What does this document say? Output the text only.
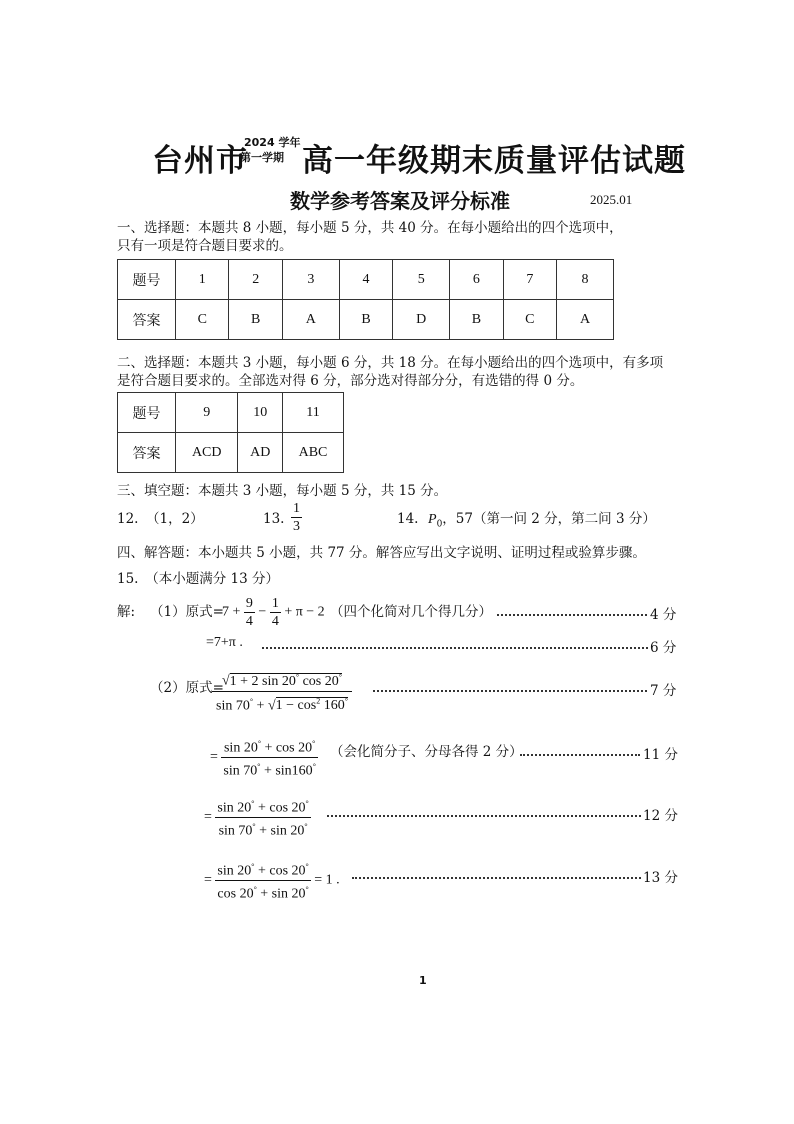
台州市
2024 学年
第一学期 高一年级期末质量评估试题
数学参考答案及评分标准	2025.01
一、选择题：本题共 8 小题，每小题 5 分，共 40 分。在每小题给出的四个选项中，
只有一项是符合题目要求的。
题号	1	2	3	4	5	6	7	8
答案	C	B	A	B	D	B	C	A
二、选择题：本题共 3 小题，每小题 6 分，共 18 分。在每小题给出的四个选项中，有多项
是符合题目要求的。全部选对得 6 分，部分选对得部分分，有选错的得 0 分。
题号	9	10	11
答案	ACD	AD	ABC
三、填空题：本题共 3 小题，每小题 5 分，共 15 分。
12. （1，2）	13. $\frac{1}{3}$	14. $P_0$，57（第一问 2 分，第二问 3 分）
四、解答题：本小题共 5 小题，共 77 分。解答应写出文字说明、证明过程或验算步骤。
15.　（本小题满分 13 分）
解: （1）原式=
$7 + \frac{9}{4} - \frac{1}{4} + \pi - 2$ （四个化简对几个得几分）	4 分
=7+π .	6 分
（2）原式=
$\frac{√1 + 2 \sin 20^\circ \cos 20^\circ}{\sin 70^\circ + √1 - \cos^2 160^\circ}$	7 分
= $\frac{\sin 20^\circ + \cos 20^\circ}{\sin 70^\circ + \sin 160^\circ}$ （会化简分子、分母各得 2 分）	11 分
= $\frac{\sin 20^\circ + \cos 20^\circ}{\sin 70^\circ + \sin 20^\circ}$	12 分
= $\frac{\sin 20^\circ + \cos 20^\circ}{\cos 20^\circ + \sin 20^\circ} = 1$ .	13 分
1
